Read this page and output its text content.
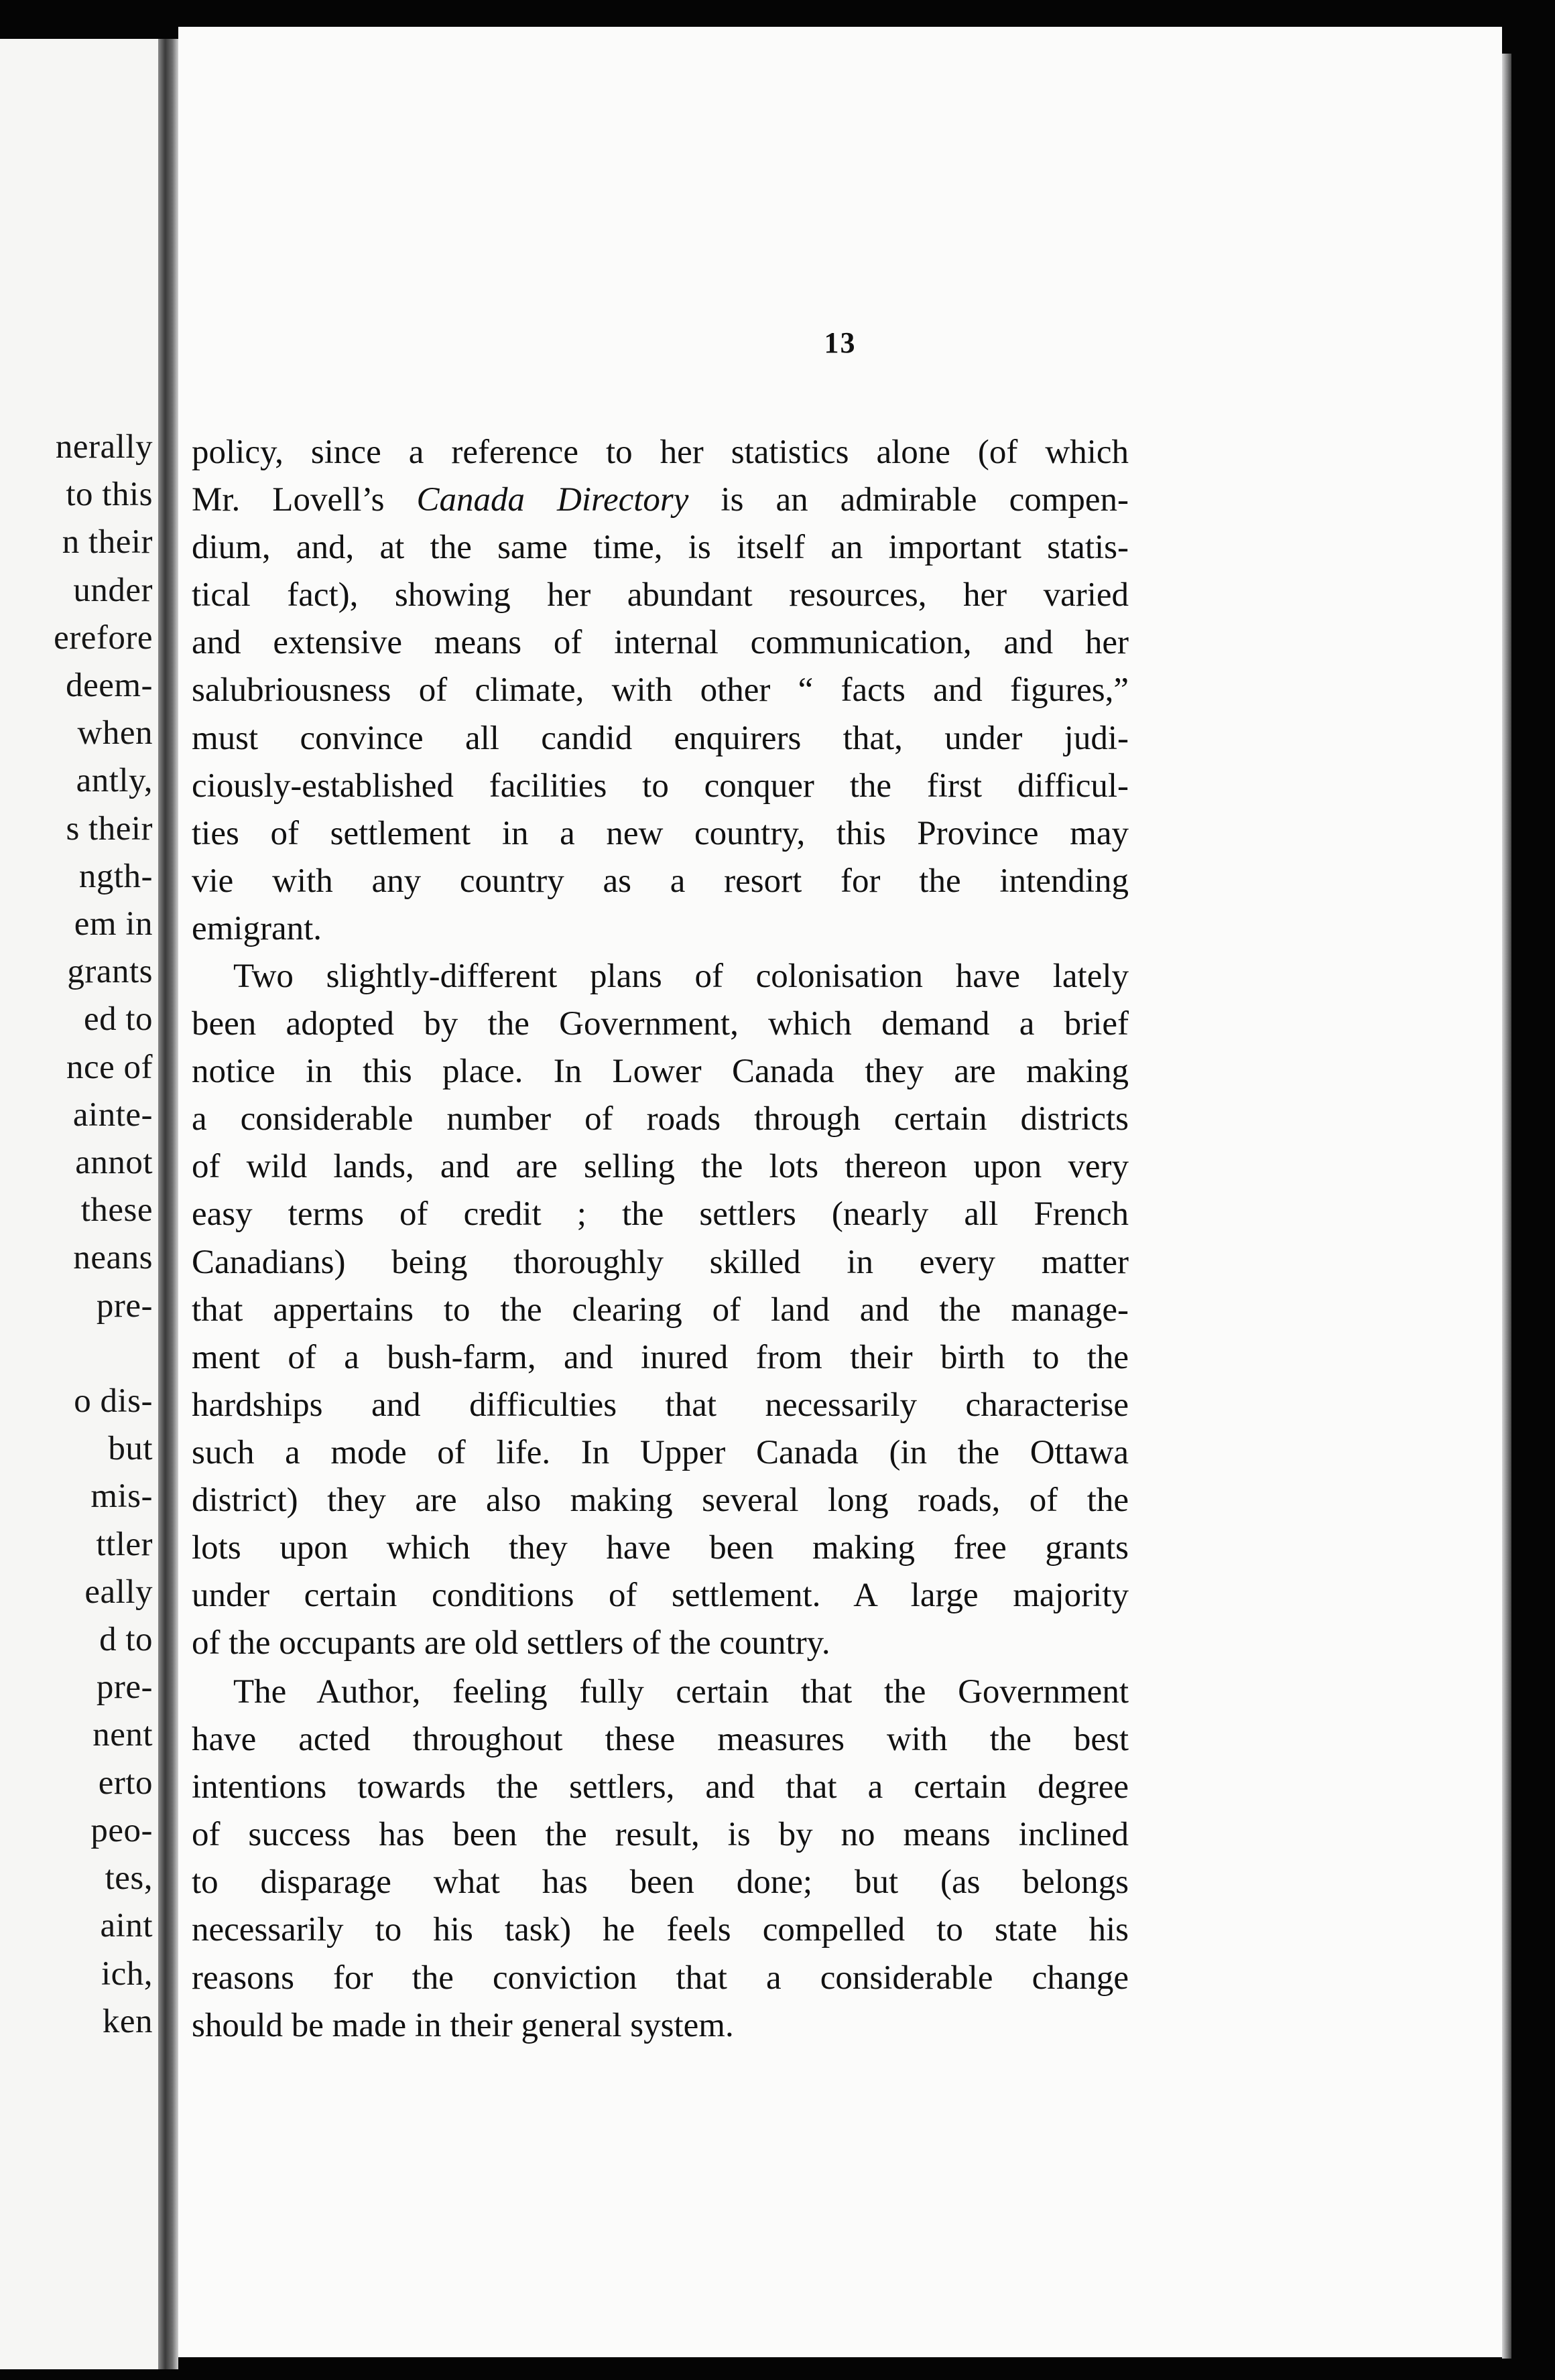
nerally
to this
n their
under
erefore
deem-
when
antly,
s their
ngth-
em in
grants
ed to
nce of
ainte-
annot
these
neans
pre-

o dis-
but
mis-
ttler
eally
d to
pre-
nent
erto
peo-
tes,
aint
ich,
ken
13
policy, since a reference to her statistics alone (of which
Mr. Lovell’s Canada Directory is an admirable compen-
dium, and, at the same time, is itself an important statis-
tical fact), showing her abundant resources, her varied
and extensive means of internal communication, and her
salubriousness of climate, with other “ facts and figures,”
must convince all candid enquirers that, under judi-
ciously-established facilities to conquer the first difficul-
ties of settlement in a new country, this Province may
vie with any country as a resort for the intending
emigrant.
Two slightly-different plans of colonisation have lately
been adopted by the Government, which demand a brief
notice in this place. In Lower Canada they are making
a considerable number of roads through certain districts
of wild lands, and are selling the lots thereon upon very
easy terms of credit ; the settlers (nearly all French
Canadians) being thoroughly skilled in every matter
that appertains to the clearing of land and the manage-
ment of a bush-farm, and inured from their birth to the
hardships and difficulties that necessarily characterise
such a mode of life. In Upper Canada (in the Ottawa
district) they are also making several long roads, of the
lots upon which they have been making free grants
under certain conditions of settlement. A large majority
of the occupants are old settlers of the country.
The Author, feeling fully certain that the Government
have acted throughout these measures with the best
intentions towards the settlers, and that a certain degree
of success has been the result, is by no means inclined
to disparage what has been done; but (as belongs
necessarily to his task) he feels compelled to state his
reasons for the conviction that a considerable change
should be made in their general system.
